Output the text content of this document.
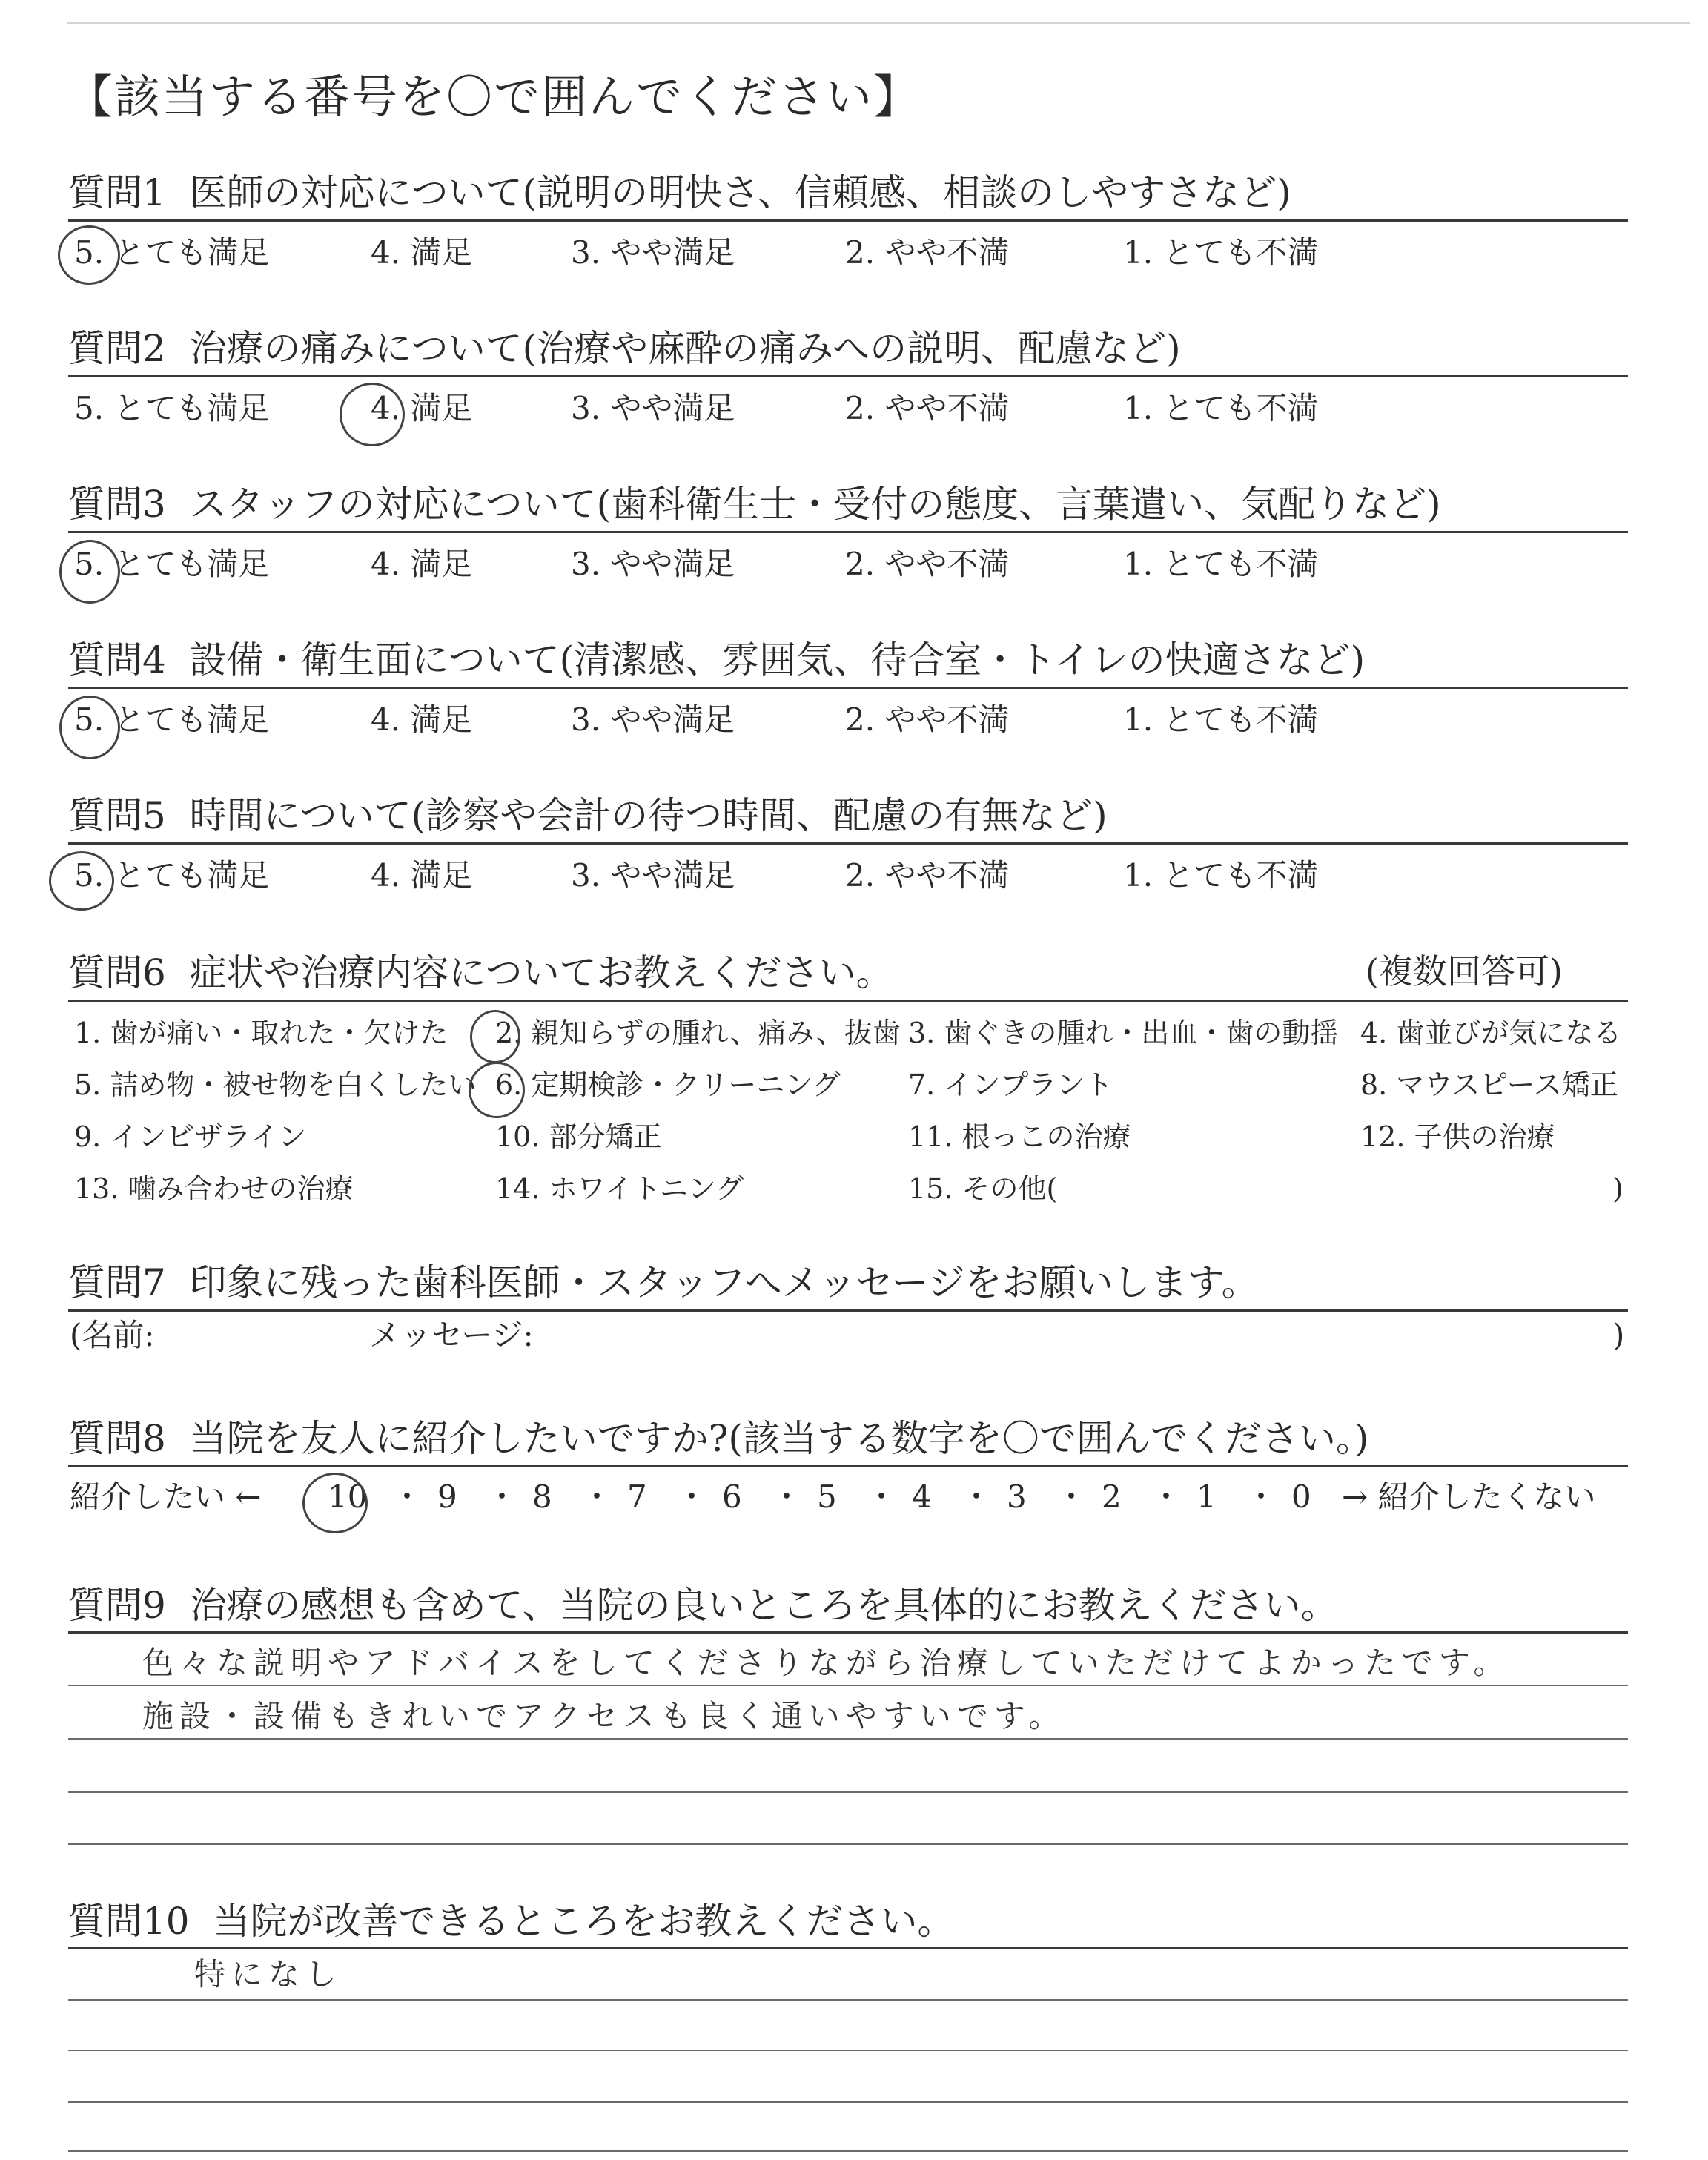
【該当する番号を〇で囲んでください】
質問1 医師の対応について(説明の明快さ、信頼感、相談のしやすさなど)
5. とても満足	4. 満足	3. やや満足	2. やや不満	1. とても不満
質問2 治療の痛みについて(治療や麻酔の痛みへの説明、配慮など)
5. とても満足	4. 満足	3. やや満足	2. やや不満	1. とても不満
質問3 スタッフの対応について(歯科衛生士・受付の態度、言葉遣い、気配りなど)
5. とても満足	4. 満足	3. やや満足	2. やや不満	1. とても不満
質問4 設備・衛生面について(清潔感、雰囲気、待合室・トイレの快適さなど)
5. とても満足	4. 満足	3. やや満足	2. やや不満	1. とても不満
質問5 時間について(診察や会計の待つ時間、配慮の有無など)
5. とても満足	4. 満足	3. やや満足	2. やや不満	1. とても不満
質問6 症状や治療内容についてお教えください。	(複数回答可)
1. 歯が痛い・取れた・欠けた 2. 親知らずの腫れ、痛み、抜歯 3. 歯ぐきの腫れ・出血・歯の動揺 4. 歯並びが気になる
5. 詰め物・被せ物を白くしたい 6. 定期検診・クリーニング 7. インプラント	8. マウスピース矯正
9. インビザライン	10. 部分矯正	11. 根っこの治療	12. 子供の治療
13. 噛み合わせの治療	14. ホワイトニング	15. その他(	)
質問7 印象に残った歯科医師・スタッフへメッセージをお願いします。
(名前:	メッセージ:	)
質問8 当院を友人に紹介したいですか?(該当する数字を〇で囲んでください。)
紹介したい ←	→ 紹介したくない
10 ・ 9 ・ 8 ・ 7 ・ 6 ・ 5 ・ 4 ・ 3 ・ 2 ・ 1 ・ 0
質問9 治療の感想も含めて、当院の良いところを具体的にお教えください。
色々な説明やアドバイスをしてくださりながら治療していただけてよかったです。
施設・設備もきれいでアクセスも良く通いやすいです。
質問10 当院が改善できるところをお教えください。
特になし
